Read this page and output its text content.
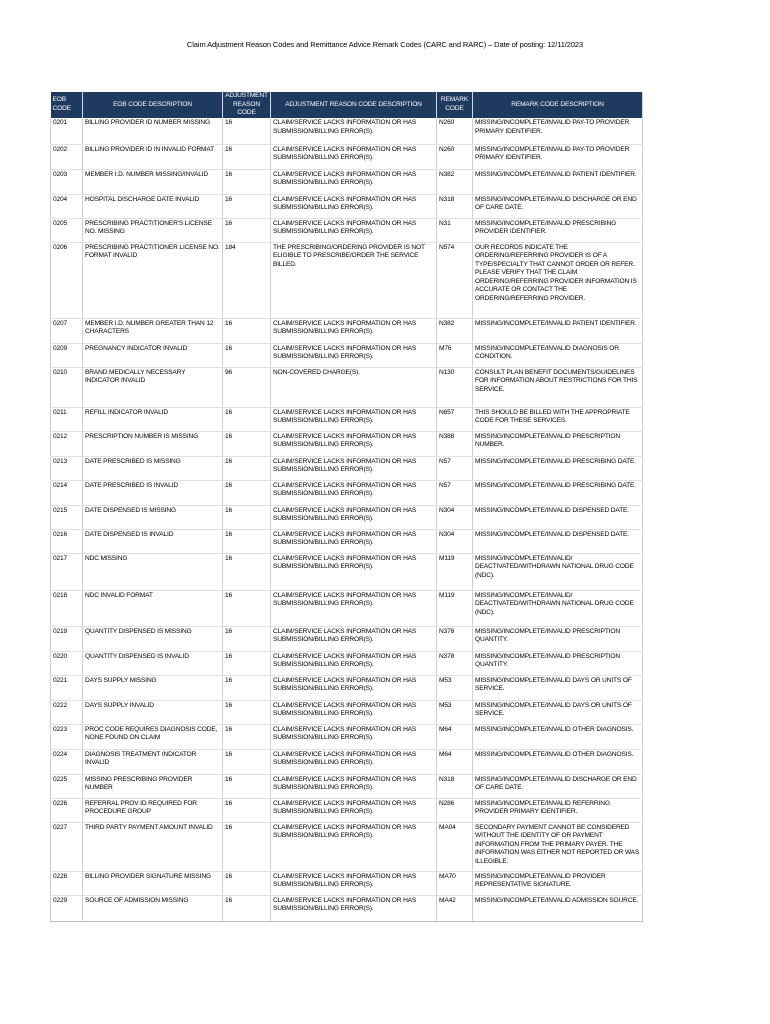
Claim Adjustment Reason Codes and Remittance Advice Remark Codes (CARC and RARC) – Date of posting: 12/11/2023
EOB CODE	EOB CODE DESCRIPTION	ADJUSTMENT REASON CODE	ADJUSTMENT REASON CODE DESCRIPTION	REMARK CODE	REMARK CODE DESCRIPTION
0201	BILLING PROVIDER ID NUMBER MISSING	16	CLAIM/SERVICE LACKS INFORMATION OR HAS SUBMISSION/BILLING ERROR(S).	N260	MISSING/INCOMPLETE/INVALID PAY-TO PROVIDER PRIMARY IDENTIFIER.
0202	BILLING PROVIDER ID IN INVALID FORMAT	16	CLAIM/SERVICE LACKS INFORMATION OR HAS SUBMISSION/BILLING ERROR(S).	N260	MISSING/INCOMPLETE/INVALID PAY-TO PROVIDER PRIMARY IDENTIFIER.
0203	MEMBER I.D. NUMBER MISSING/INVALID	16	CLAIM/SERVICE LACKS INFORMATION OR HAS SUBMISSION/BILLING ERROR(S).	N382	MISSING/INCOMPLETE/INVALID PATIENT IDENTIFIER.
0204	HOSPITAL DISCHARGE DATE INVALID	16	CLAIM/SERVICE LACKS INFORMATION OR HAS SUBMISSION/BILLING ERROR(S).	N318	MISSING/INCOMPLETE/INVALID DISCHARGE OR END OF CARE DATE.
0205	PRESCRIBING PRACTITIONER'S LICENSE NO. MISSING	16	CLAIM/SERVICE LACKS INFORMATION OR HAS SUBMISSION/BILLING ERROR(S).	N31	MISSING/INCOMPLETE/INVALID PRESCRIBING PROVIDER IDENTIFIER.
0206	PRESCRIBING PRACTITIONER LICENSE NO. FORMAT INVALID	184	THE PRESCRIBING/ORDERING PROVIDER IS NOT ELIGIBLE TO PRESCRIBE/ORDER THE SERVICE BILLED.	N574	OUR RECORDS INDICATE THE ORDERING/REFERRING PROVIDER IS OF A TYPE/SPECIALTY THAT CANNOT ORDER OR REFER. PLEASE VERIFY THAT THE CLAIM ORDERING/REFERRING PROVIDER INFORMATION IS ACCURATE OR CONTACT THE ORDERING/REFERRING PROVIDER.
0207	MEMBER I.D. NUMBER GREATER THAN 12 CHARACTERS	16	CLAIM/SERVICE LACKS INFORMATION OR HAS SUBMISSION/BILLING ERROR(S).	N382	MISSING/INCOMPLETE/INVALID PATIENT IDENTIFIER.
0209	PREGNANCY INDICATOR INVALID	16	CLAIM/SERVICE LACKS INFORMATION OR HAS SUBMISSION/BILLING ERROR(S).	M76	MISSING/INCOMPLETE/INVALID DIAGNOSIS OR CONDITION.
0210	BRAND MEDICALLY NECESSARY INDICATOR INVALID	96	NON-COVERED CHARGE(S).	N130	CONSULT PLAN BENEFIT DOCUMENTS/GUIDELINES FOR INFORMATION ABOUT RESTRICTIONS FOR THIS SERVICE.
0211	REFILL INDICATOR INVALID	16	CLAIM/SERVICE LACKS INFORMATION OR HAS SUBMISSION/BILLING ERROR(S).	N657	THIS SHOULD BE BILLED WITH THE APPROPRIATE CODE FOR THESE SERVICES.
0212	PRESCRIPTION NUMBER IS MISSING	16	CLAIM/SERVICE LACKS INFORMATION OR HAS SUBMISSION/BILLING ERROR(S).	N388	MISSING/INCOMPLETE/INVALID PRESCRIPTION NUMBER.
0213	DATE PRESCRIBED IS MISSING	16	CLAIM/SERVICE LACKS INFORMATION OR HAS SUBMISSION/BILLING ERROR(S).	N57	MISSING/INCOMPLETE/INVALID PRESCRIBING DATE.
0214	DATE PRESCRIBED IS INVALID	16	CLAIM/SERVICE LACKS INFORMATION OR HAS SUBMISSION/BILLING ERROR(S).	N57	MISSING/INCOMPLETE/INVALID PRESCRIBING DATE.
0215	DATE DISPENSED IS MISSING	16	CLAIM/SERVICE LACKS INFORMATION OR HAS SUBMISSION/BILLING ERROR(S).	N304	MISSING/INCOMPLETE/INVALID DISPENSED DATE.
0216	DATE DISPENSED IS INVALID	16	CLAIM/SERVICE LACKS INFORMATION OR HAS SUBMISSION/BILLING ERROR(S).	N304	MISSING/INCOMPLETE/INVALID DISPENSED DATE.
0217	NDC MISSING	16	CLAIM/SERVICE LACKS INFORMATION OR HAS SUBMISSION/BILLING ERROR(S).	M119	MISSING/INCOMPLETE/INVALID/ DEACTIVATED/WITHDRAWN NATIONAL DRUG CODE (NDC).
0218	NDC INVALID FORMAT	16	CLAIM/SERVICE LACKS INFORMATION OR HAS SUBMISSION/BILLING ERROR(S).	M119	MISSING/INCOMPLETE/INVALID/ DEACTIVATED/WITHDRAWN NATIONAL DRUG CODE (NDC).
0219	QUANTITY DISPENSED IS MISSING	16	CLAIM/SERVICE LACKS INFORMATION OR HAS SUBMISSION/BILLING ERROR(S).	N378	MISSING/INCOMPLETE/INVALID PRESCRIPTION QUANTITY.
0220	QUANTITY DISPENSED IS INVALID	16	CLAIM/SERVICE LACKS INFORMATION OR HAS SUBMISSION/BILLING ERROR(S).	N378	MISSING/INCOMPLETE/INVALID PRESCRIPTION QUANTITY.
0221	DAYS SUPPLY MISSING	16	CLAIM/SERVICE LACKS INFORMATION OR HAS SUBMISSION/BILLING ERROR(S).	M53	MISSING/INCOMPLETE/INVALID DAYS OR UNITS OF SERVICE.
0222	DAYS SUPPLY INVALID	16	CLAIM/SERVICE LACKS INFORMATION OR HAS SUBMISSION/BILLING ERROR(S).	M53	MISSING/INCOMPLETE/INVALID DAYS OR UNITS OF SERVICE.
0223	PROC CODE REQUIRES DIAGNOSIS CODE, NONE FOUND ON CLAIM	16	CLAIM/SERVICE LACKS INFORMATION OR HAS SUBMISSION/BILLING ERROR(S).	M64	MISSING/INCOMPLETE/INVALID OTHER DIAGNOSIS.
0224	DIAGNOSIS TREATMENT INDICATOR INVALID	16	CLAIM/SERVICE LACKS INFORMATION OR HAS SUBMISSION/BILLING ERROR(S).	M64	MISSING/INCOMPLETE/INVALID OTHER DIAGNOSIS.
0225	MISSING PRESCRIBING PROVIDER NUMBER	16	CLAIM/SERVICE LACKS INFORMATION OR HAS SUBMISSION/BILLING ERROR(S).	N318	MISSING/INCOMPLETE/INVALID DISCHARGE OR END OF CARE DATE.
0226	REFERRAL PROV ID REQUIRED FOR PROCEDURE GROUP	16	CLAIM/SERVICE LACKS INFORMATION OR HAS SUBMISSION/BILLING ERROR(S).	N286	MISSING/INCOMPLETE/INVALID REFERRING PROVIDER PRIMARY IDENTIFIER.
0227	THIRD PARTY PAYMENT AMOUNT INVALID	16	CLAIM/SERVICE LACKS INFORMATION OR HAS SUBMISSION/BILLING ERROR(S).	MA04	SECONDARY PAYMENT CANNOT BE CONSIDERED WITHOUT THE IDENTITY OF OR PAYMENT INFORMATION FROM THE PRIMARY PAYER. THE INFORMATION WAS EITHER NOT REPORTED OR WAS ILLEGIBLE.
0228	BILLING PROVIDER SIGNATURE MISSING	16	CLAIM/SERVICE LACKS INFORMATION OR HAS SUBMISSION/BILLING ERROR(S).	MA70	MISSING/INCOMPLETE/INVALID PROVIDER REPRESENTATIVE SIGNATURE.
0229	SOURCE OF ADMISSION MISSING	16	CLAIM/SERVICE LACKS INFORMATION OR HAS SUBMISSION/BILLING ERROR(S).	MA42	MISSING/INCOMPLETE/INVALID ADMISSION SOURCE.
